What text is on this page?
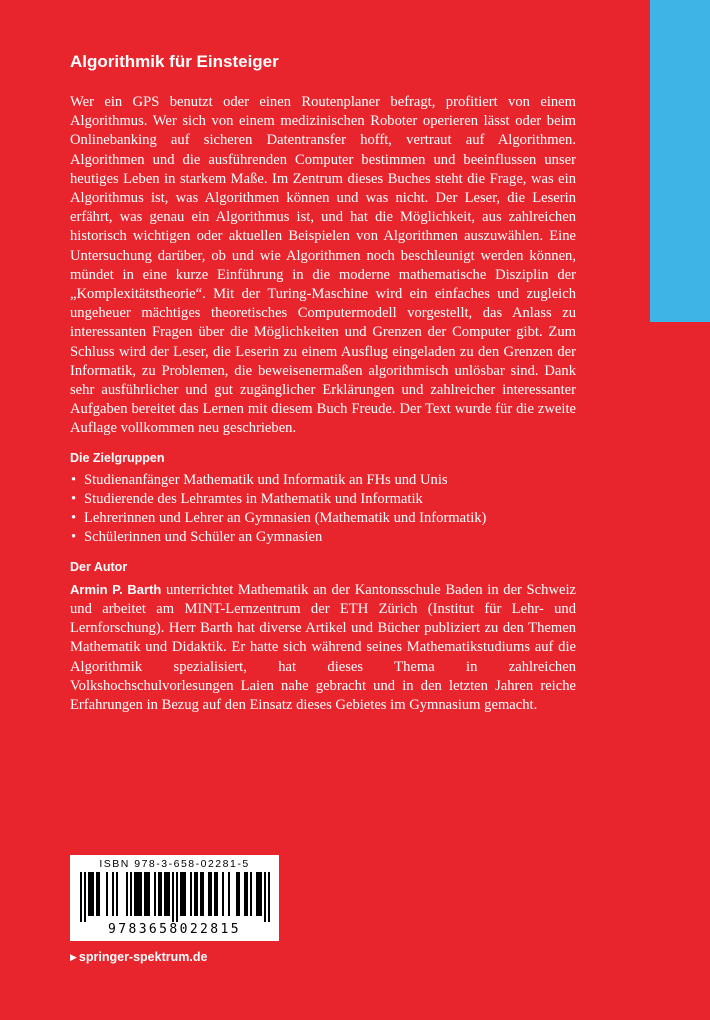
Algorithmik für Einsteiger

Wer ein GPS benutzt oder einen Routenplaner befragt, profitiert von einem Algorithmus. Wer sich von einem medizinischen Roboter operieren lässt oder beim Onlinebanking auf sicheren Datentransfer hofft, vertraut auf Algorithmen. Algorithmen und die ausführenden Computer bestimmen und beeinflussen unser heutiges Leben in starkem Maße. Im Zentrum dieses Buches steht die Frage, was ein Algorithmus ist, was Algorithmen können und was nicht. Der Leser, die Leserin erfährt, was genau ein Algorithmus ist, und hat die Möglichkeit, aus zahlreichen historisch wichtigen oder aktuellen Beispielen von Algorithmen auszuwählen. Eine Untersuchung darüber, ob und wie Algorithmen noch beschleunigt werden können, mündet in eine kurze Einführung in die moderne mathematische Disziplin der „Komplexitätstheorie“. Mit der Turing-Maschine wird ein einfaches und zugleich ungeheuer mächtiges theoretisches Computermodell vorgestellt, das Anlass zu interessanten Fragen über die Möglichkeiten und Grenzen der Computer gibt. Zum Schluss wird der Leser, die Leserin zu einem Ausflug eingeladen zu den Grenzen der Informatik, zu Problemen, die beweisenermaßen algorithmisch unlösbar sind. Dank sehr ausführlicher und gut zugänglicher Erklärungen und zahlreicher interessanter Aufgaben bereitet das Lernen mit diesem Buch Freude. Der Text wurde für die zweite Auflage vollkommen neu geschrieben.

Die Zielgruppen
• Studienanfänger Mathematik und Informatik an FHs und Unis
• Studierende des Lehramtes in Mathematik und Informatik
• Lehrerinnen und Lehrer an Gymnasien (Mathematik und Informatik)
• Schülerinnen und Schüler an Gymnasien
Der Autor

Armin P. Barth unterrichtet Mathematik an der Kantonsschule Baden in der Schweiz und arbeitet am MINT-Lernzentrum der ETH Zürich (Institut für Lehr- und Lernforschung). Herr Barth hat diverse Artikel und Bücher publiziert zu den Themen Mathematik und Didaktik. Er hatte sich während seines Mathematikstudiums auf die Algorithmik spezialisiert, hat dieses Thema in zahlreichen Volkshochschulvorlesungen Laien nahe gebracht und in den letzten Jahren reiche Erfahrungen in Bezug auf den Einsatz dieses Gebietes im Gymnasium gemacht.

ISBN 978-3-658-02281-5
9783658022815

▶ springer-spektrum.de
